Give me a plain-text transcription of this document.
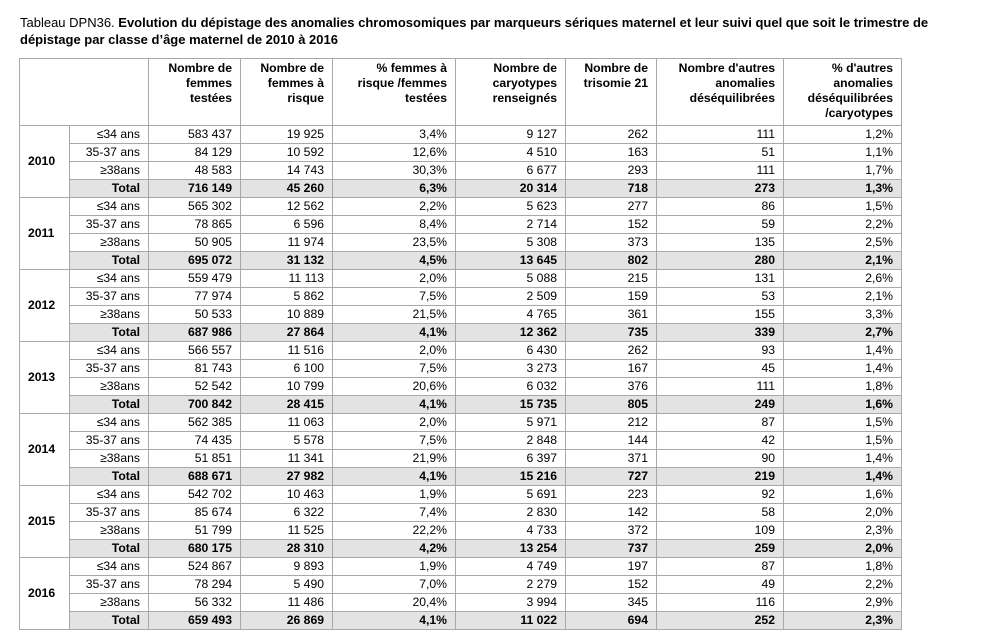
Tableau DPN36. Evolution du dépistage des anomalies chromosomiques par marqueurs sériques maternel et leur suivi quel que soit le trimestre de dépistage par classe d’âge maternel de 2010 à 2016
		Nombre de femmes testées	Nombre de femmes à risque	% femmes à risque /femmes testées	Nombre de caryotypes renseignés	Nombre de trisomie 21	Nombre d'autres anomalies déséquilibrées	% d'autres anomalies déséquilibrées /caryotypes
2010	≤34 ans	583 437	19 925	3,4%	9 127	262	111	1,2%
	35-37 ans	84 129	10 592	12,6%	4 510	163	51	1,1%
	≥38ans	48 583	14 743	30,3%	6 677	293	111	1,7%
	Total	716 149	45 260	6,3%	20 314	718	273	1,3%
2011	≤34 ans	565 302	12 562	2,2%	5 623	277	86	1,5%
	35-37 ans	78 865	6 596	8,4%	2 714	152	59	2,2%
	≥38ans	50 905	11 974	23,5%	5 308	373	135	2,5%
	Total	695 072	31 132	4,5%	13 645	802	280	2,1%
2012	≤34 ans	559 479	11 113	2,0%	5 088	215	131	2,6%
	35-37 ans	77 974	5 862	7,5%	2 509	159	53	2,1%
	≥38ans	50 533	10 889	21,5%	4 765	361	155	3,3%
	Total	687 986	27 864	4,1%	12 362	735	339	2,7%
2013	≤34 ans	566 557	11 516	2,0%	6 430	262	93	1,4%
	35-37 ans	81 743	6 100	7,5%	3 273	167	45	1,4%
	≥38ans	52 542	10 799	20,6%	6 032	376	111	1,8%
	Total	700 842	28 415	4,1%	15 735	805	249	1,6%
2014	≤34 ans	562 385	11 063	2,0%	5 971	212	87	1,5%
	35-37 ans	74 435	5 578	7,5%	2 848	144	42	1,5%
	≥38ans	51 851	11 341	21,9%	6 397	371	90	1,4%
	Total	688 671	27 982	4,1%	15 216	727	219	1,4%
2015	≤34 ans	542 702	10 463	1,9%	5 691	223	92	1,6%
	35-37 ans	85 674	6 322	7,4%	2 830	142	58	2,0%
	≥38ans	51 799	11 525	22,2%	4 733	372	109	2,3%
	Total	680 175	28 310	4,2%	13 254	737	259	2,0%
2016	≤34 ans	524 867	9 893	1,9%	4 749	197	87	1,8%
	35-37 ans	78 294	5 490	7,0%	2 279	152	49	2,2%
	≥38ans	56 332	11 486	20,4%	3 994	345	116	2,9%
	Total	659 493	26 869	4,1%	11 022	694	252	2,3%
